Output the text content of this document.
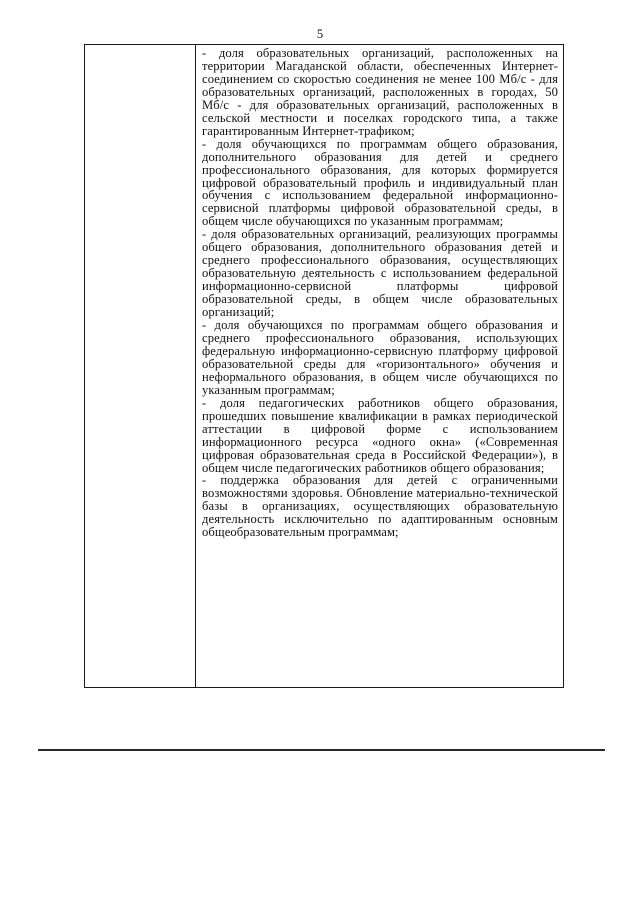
5

- доля образовательных организаций, расположенных на территории Магаданской области, обеспеченных Интернет-соединением со скоростью соединения не менее 100 Мб/с - для образовательных организаций, расположенных в городах, 50 Мб/с - для образовательных организаций, расположенных в сельской местности и поселках городского типа, а также гарантированным Интернет-трафиком;

- доля обучающихся по программам общего образования, дополнительного образования для детей и среднего профессионального образования, для которых формируется цифровой образовательный профиль и индивидуальный план обучения с использованием федеральной информационно-сервисной платформы цифровой образовательной среды, в общем числе обучающихся по указанным программам;

- доля образовательных организаций, реализующих программы общего образования, дополнительного образования детей и среднего профессионального образования, осуществляющих образовательную деятельность с использованием федеральной информационно-сервисной платформы цифровой образовательной среды, в общем числе образовательных организаций;

- доля обучающихся по программам общего образования и среднего профессионального образования, использующих федеральную информационно-сервисную платформу цифровой образовательной среды для «горизонтального» обучения и неформального образования, в общем числе обучающихся по указанным программам;

- доля педагогических работников общего образования, прошедших повышение квалификации в рамках периодической аттестации в цифровой форме с использованием информационного ресурса «одного окна» («Современная цифровая образовательная среда в Российской Федерации»), в общем числе педагогических работников общего образования;

- поддержка образования для детей с ограниченными возможностями здоровья. Обновление материально-технической базы в организациях, осуществляющих образовательную деятельность исключительно по адаптированным основным общеобразовательным программам;
